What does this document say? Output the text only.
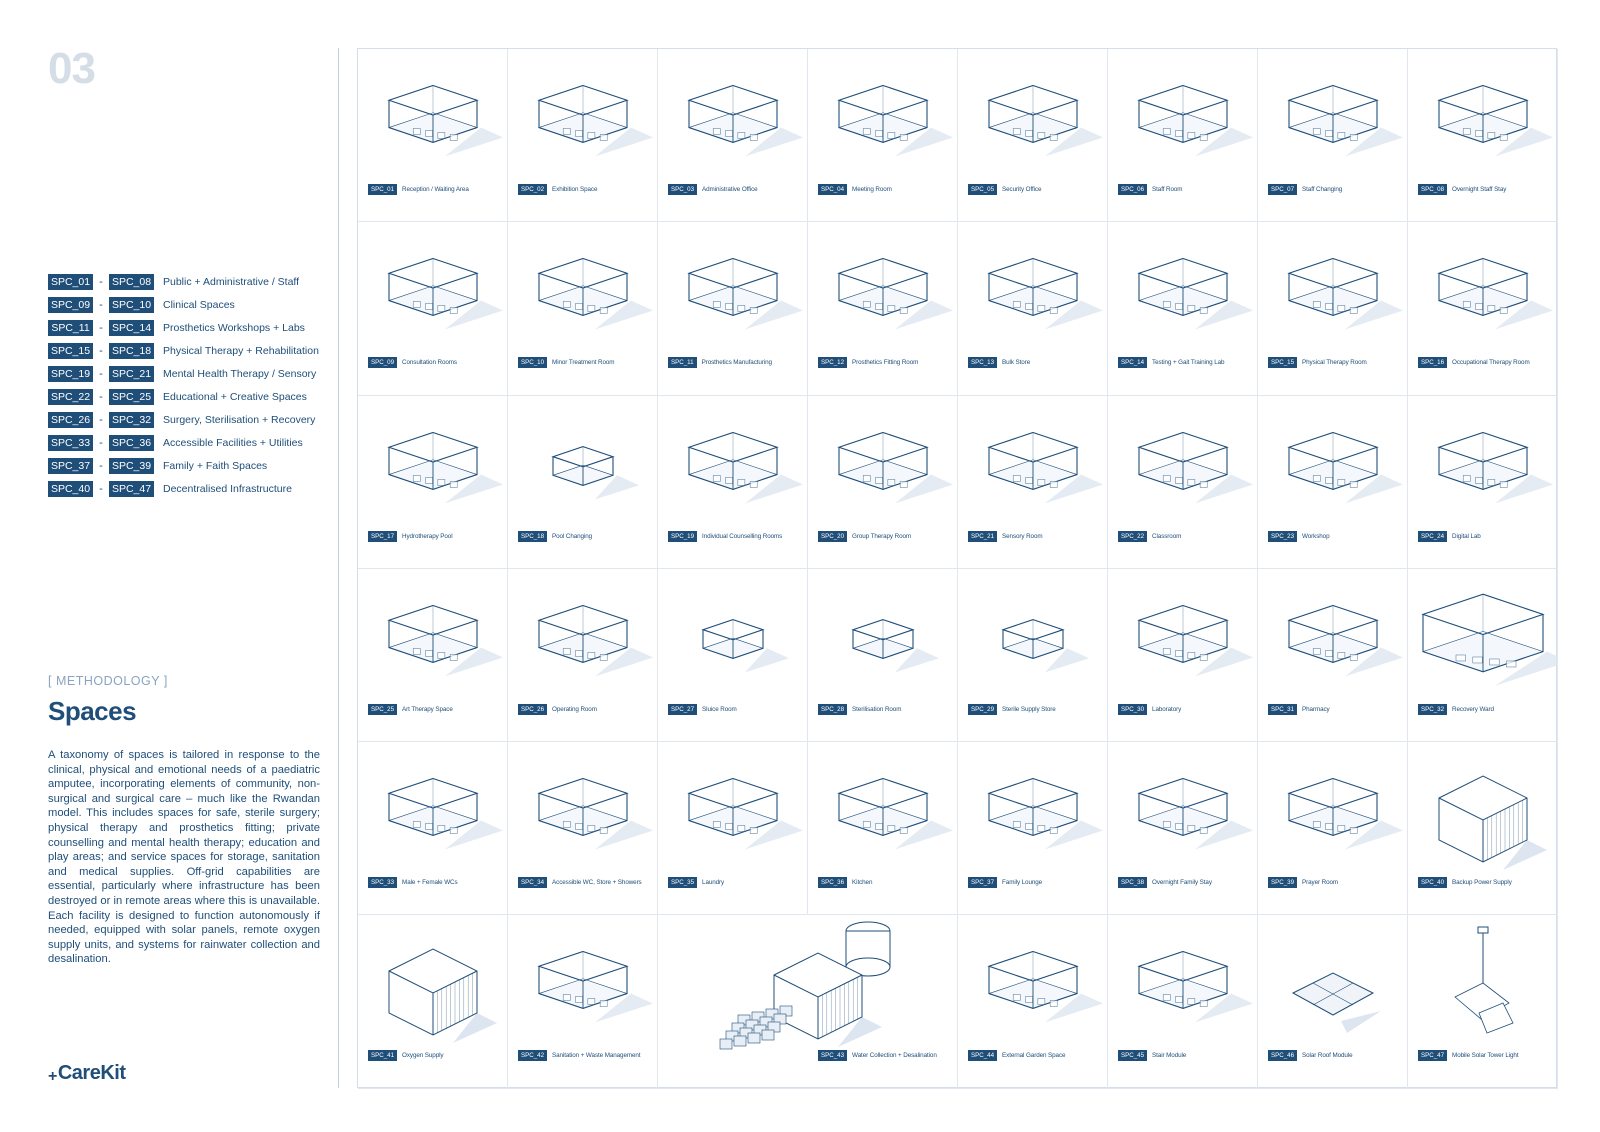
03
SPC_01 - SPC_08 Public + Administrative / Staff
SPC_09 - SPC_10 Clinical Spaces
SPC_11 - SPC_14 Prosthetics Workshops + Labs
SPC_15 - SPC_18 Physical Therapy + Rehabilitation
SPC_19 - SPC_21 Mental Health Therapy / Sensory
SPC_22 - SPC_25 Educational + Creative Spaces
SPC_26 - SPC_32 Surgery, Sterilisation + Recovery
SPC_33 - SPC_36 Accessible Facilities + Utilities
SPC_37 - SPC_39 Family + Faith Spaces
SPC_40 - SPC_47 Decentralised Infrastructure
[ METHODOLOGY ]
Spaces
A taxonomy of spaces is tailored in response to the clinical, physical and emotional needs of a paediatric amputee, incorporating elements of community, non-surgical and surgical care – much like the Rwandan model. This includes spaces for safe, sterile surgery; physical therapy and prosthetics fitting; private counselling and mental health therapy; education and play areas; and service spaces for storage, sanitation and medical supplies. Off-grid capabilities are essential, particularly where infrastructure has been destroyed or in remote areas where this is unavailable. Each facility is designed to function autonomously if needed, equipped with solar panels, remote oxygen supply units, and systems for rainwater collection and desalination.
+ CareKit
SPC_01	Reception / Waiting Area	SPC_02	Exhibition Space	SPC_03	Administrative Office	SPC_04	Meeting Room	SPC_05	Security Office	SPC_06	Staff Room	SPC_07	Staff Changing	SPC_08	Overnight Staff Stay
SPC_09	Consultation Rooms	SPC_10	Minor Treatment Room	SPC_11	Prosthetics Manufacturing	SPC_12	Prosthetics Fitting Room	SPC_13	Bulk Store	SPC_14	Testing + Gait Training Lab	SPC_15	Physical Therapy Room	SPC_16	Occupational Therapy Room
SPC_17	Hydrotherapy Pool	SPC_18	Pool Changing	SPC_19	Individual Counselling Rooms	SPC_20	Group Therapy Room	SPC_21	Sensory Room	SPC_22	Classroom	SPC_23	Workshop	SPC_24	Digital Lab
SPC_25	Art Therapy Space	SPC_26	Operating Room	SPC_27	Sluice Room	SPC_28	Sterilisation Room	SPC_29	Sterile Supply Store	SPC_30	Laboratory	SPC_31	Pharmacy	SPC_32	Recovery Ward
SPC_33	Male + Female WCs	SPC_34	Accessible WC, Store + Showers	SPC_35	Laundry	SPC_36	Kitchen	SPC_37	Family Lounge	SPC_38	Overnight Family Stay	SPC_39	Prayer Room	SPC_40	Backup Power Supply
SPC_41	Oxygen Supply	SPC_42	Sanitation + Waste Management	SPC_43	Water Collection + Desalination	SPC_44	External Garden Space	SPC_45	Stair Module	SPC_46	Solar Roof Module	SPC_47	Mobile Solar Tower Light
